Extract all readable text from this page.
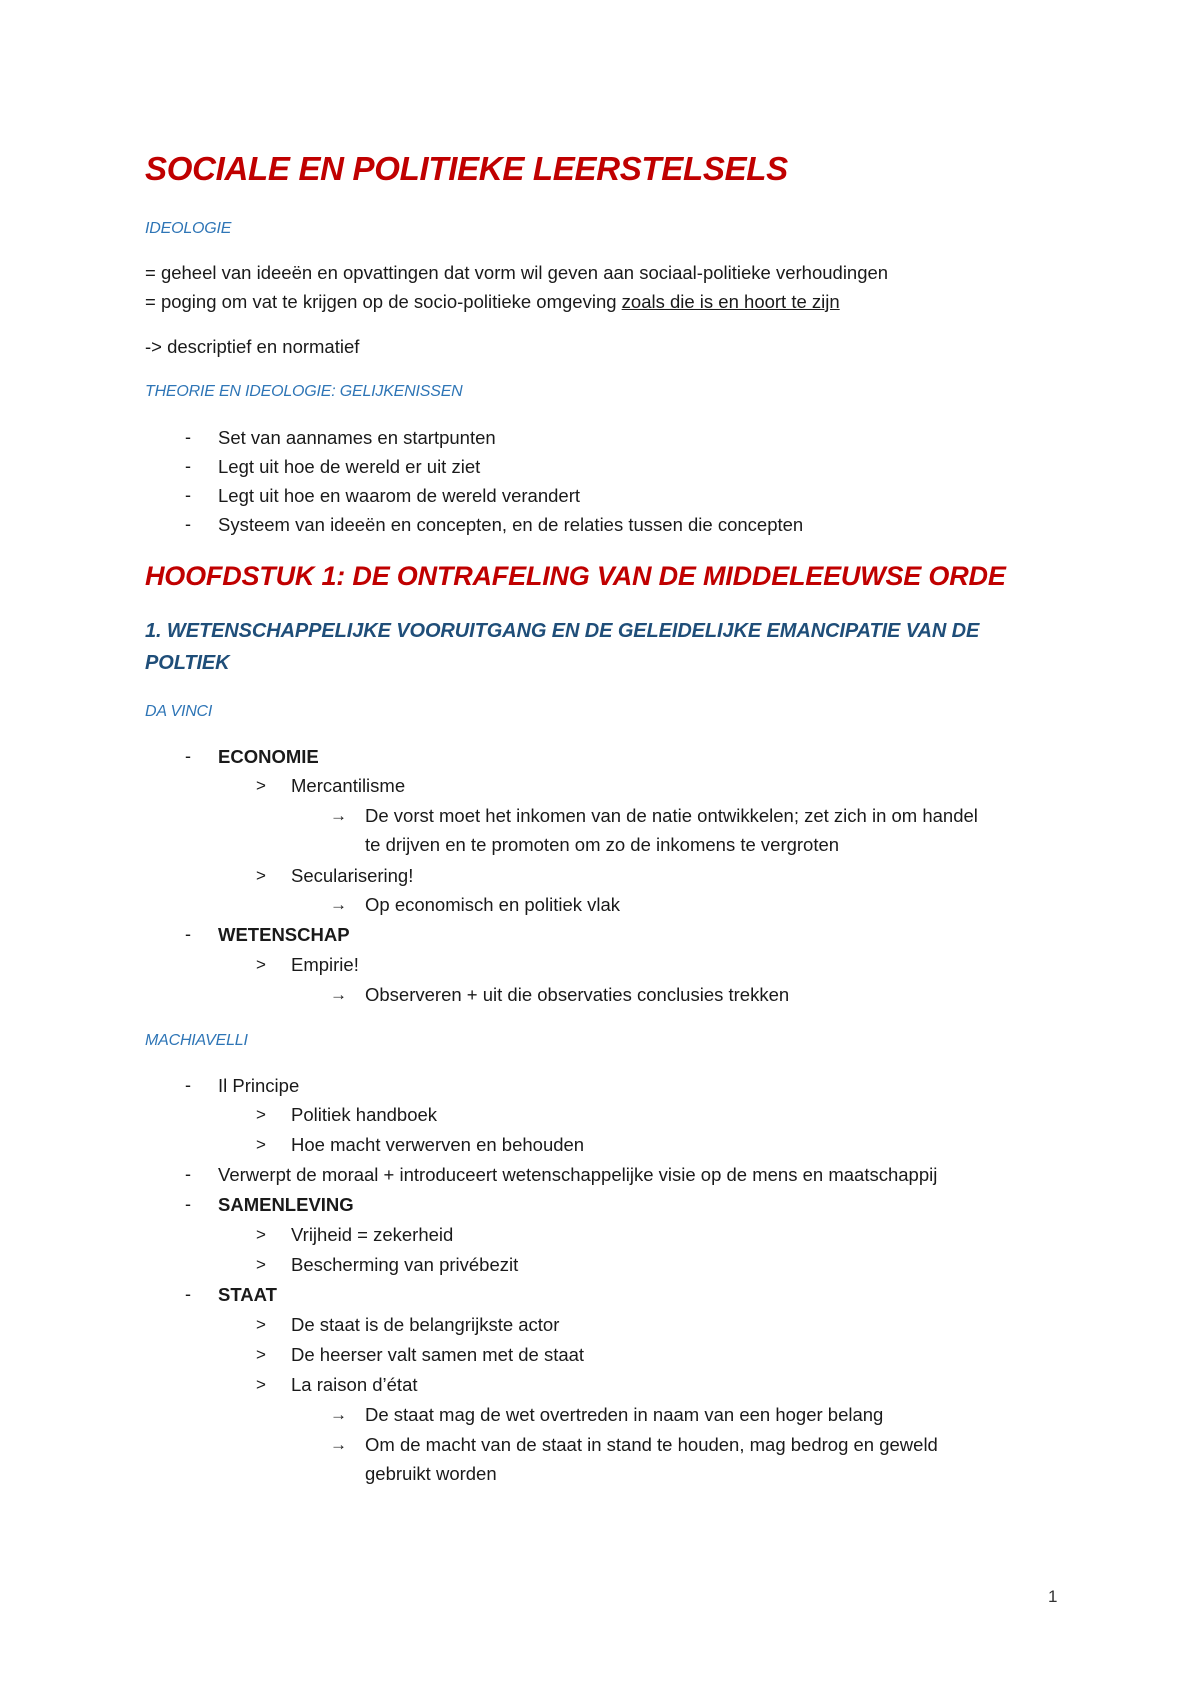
SOCIALE EN POLITIEKE LEERSTELSELS
IDEOLOGIE
= geheel van ideeën en opvattingen dat vorm wil geven aan sociaal-politieke verhoudingen
= poging om vat te krijgen op de socio-politieke omgeving zoals die is en hoort te zijn
-> descriptief en normatief
THEORIE EN IDEOLOGIE: GELIJKENISSEN
- Set van aannames en startpunten
- Legt uit hoe de wereld er uit ziet
- Legt uit hoe en waarom de wereld verandert
- Systeem van ideeën en concepten, en de relaties tussen die concepten
HOOFDSTUK 1: DE ONTRAFELING VAN DE MIDDELEEUWSE ORDE
1. WETENSCHAPPELIJKE VOORUITGANG EN DE GELEIDELIJKE EMANCIPATIE VAN DE
POLTIEK
DA VINCI
- ECONOMIE
> Mercantilisme
→ De vorst moet het inkomen van de natie ontwikkelen; zet zich in om handel
te drijven en te promoten om zo de inkomens te vergroten
> Secularisering!
→ Op economisch en politiek vlak
- WETENSCHAP
> Empirie!
→ Observeren + uit die observaties conclusies trekken
MACHIAVELLI
- Il Principe
> Politiek handboek
> Hoe macht verwerven en behouden
- Verwerpt de moraal + introduceert wetenschappelijke visie op de mens en maatschappij
- SAMENLEVING
> Vrijheid = zekerheid
> Bescherming van privébezit
- STAAT
> De staat is de belangrijkste actor
> De heerser valt samen met de staat
> La raison d’état
→ De staat mag de wet overtreden in naam van een hoger belang
→ Om de macht van de staat in stand te houden, mag bedrog en geweld
gebruikt worden
1
